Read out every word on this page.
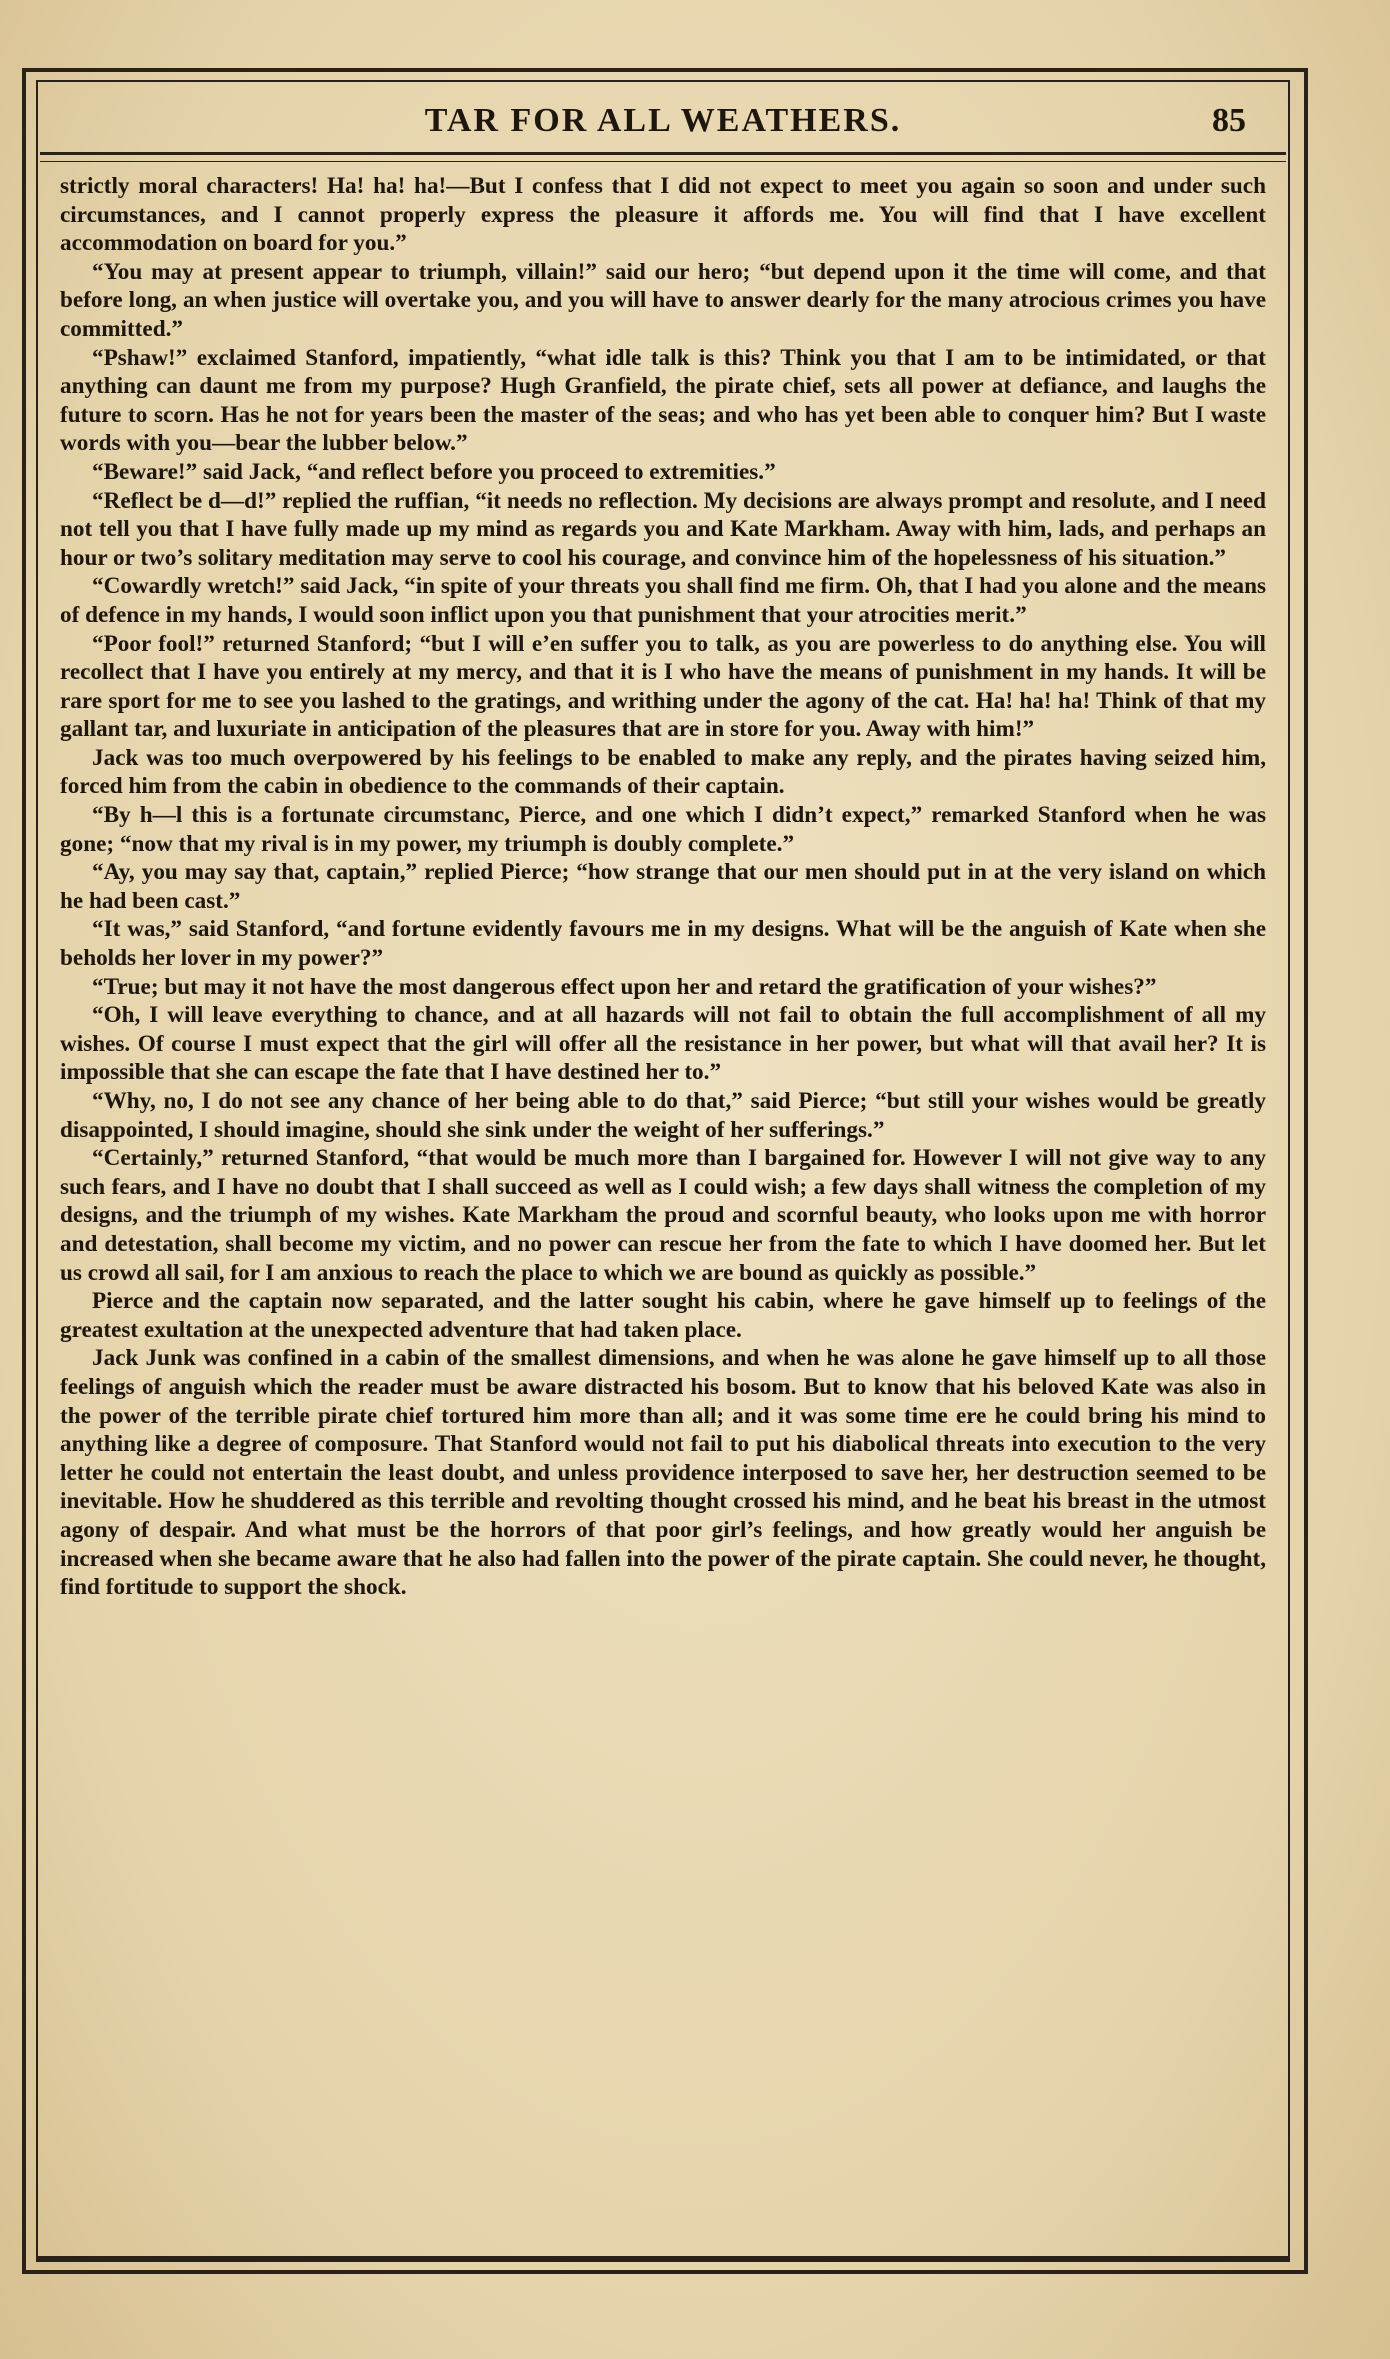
TAR FOR ALL WEATHERS.	85

strictly moral characters! Ha! ha! ha!—But I confess that I did not expect to meet you again so soon and under such circumstances, and I cannot properly express the pleasure it affords me. You will find that I have excellent accommodation on board for you.”

“You may at present appear to triumph, villain!” said our hero; “but depend upon it the time will come, and that before long, an when justice will overtake you, and you will have to answer dearly for the many atrocious crimes you have committed.”

“Pshaw!” exclaimed Stanford, impatiently, “what idle talk is this? Think you that I am to be intimidated, or that anything can daunt me from my purpose? Hugh Granfield, the pirate chief, sets all power at defiance, and laughs the future to scorn. Has he not for years been the master of the seas; and who has yet been able to conquer him? But I waste words with you—bear the lubber below.”

“Beware!” said Jack, “and reflect before you proceed to extremities.”

“Reflect be d—d!” replied the ruffian, “it needs no reflection. My decisions are always prompt and resolute, and I need not tell you that I have fully made up my mind as regards you and Kate Markham. Away with him, lads, and perhaps an hour or two’s solitary meditation may serve to cool his courage, and convince him of the hopelessness of his situation.”

“Cowardly wretch!” said Jack, “in spite of your threats you shall find me firm. Oh, that I had you alone and the means of defence in my hands, I would soon inflict upon you that punishment that your atrocities merit.”

“Poor fool!” returned Stanford; “but I will e’en suffer you to talk, as you are powerless to do anything else. You will recollect that I have you entirely at my mercy, and that it is I who have the means of punishment in my hands. It will be rare sport for me to see you lashed to the gratings, and writhing under the agony of the cat. Ha! ha! ha! Think of that my gallant tar, and luxuriate in anticipation of the pleasures that are in store for you. Away with him!”

Jack was too much overpowered by his feelings to be enabled to make any reply, and the pirates having seized him, forced him from the cabin in obedience to the commands of their captain.

“By h—l this is a fortunate circumstanc, Pierce, and one which I didn’t expect,” remarked Stanford when he was gone; “now that my rival is in my power, my triumph is doubly complete.”

“Ay, you may say that, captain,” replied Pierce; “how strange that our men should put in at the very island on which he had been cast.”

“It was,” said Stanford, “and fortune evidently favours me in my designs. What will be the anguish of Kate when she beholds her lover in my power?”

“True; but may it not have the most dangerous effect upon her and retard the gratification of your wishes?”

“Oh, I will leave everything to chance, and at all hazards will not fail to obtain the full accomplishment of all my wishes. Of course I must expect that the girl will offer all the resistance in her power, but what will that avail her? It is impossible that she can escape the fate that I have destined her to.”

“Why, no, I do not see any chance of her being able to do that,” said Pierce; “but still your wishes would be greatly disappointed, I should imagine, should she sink under the weight of her sufferings.”

“Certainly,” returned Stanford, “that would be much more than I bargained for. However I will not give way to any such fears, and I have no doubt that I shall succeed as well as I could wish; a few days shall witness the completion of my designs, and the triumph of my wishes. Kate Markham the proud and scornful beauty, who looks upon me with horror and detestation, shall become my victim, and no power can rescue her from the fate to which I have doomed her. But let us crowd all sail, for I am anxious to reach the place to which we are bound as quickly as possible.”

Pierce and the captain now separated, and the latter sought his cabin, where he gave himself up to feelings of the greatest exultation at the unexpected adventure that had taken place.

Jack Junk was confined in a cabin of the smallest dimensions, and when he was alone he gave himself up to all those feelings of anguish which the reader must be aware distracted his bosom. But to know that his beloved Kate was also in the power of the terrible pirate chief tortured him more than all; and it was some time ere he could bring his mind to anything like a degree of composure. That Stanford would not fail to put his diabolical threats into execution to the very letter he could not entertain the least doubt, and unless providence interposed to save her, her destruction seemed to be inevitable. How he shuddered as this terrible and revolting thought crossed his mind, and he beat his breast in the utmost agony of despair. And what must be the horrors of that poor girl’s feelings, and how greatly would her anguish be increased when she became aware that he also had fallen into the power of the pirate captain. She could never, he thought, find fortitude to support the shock.
